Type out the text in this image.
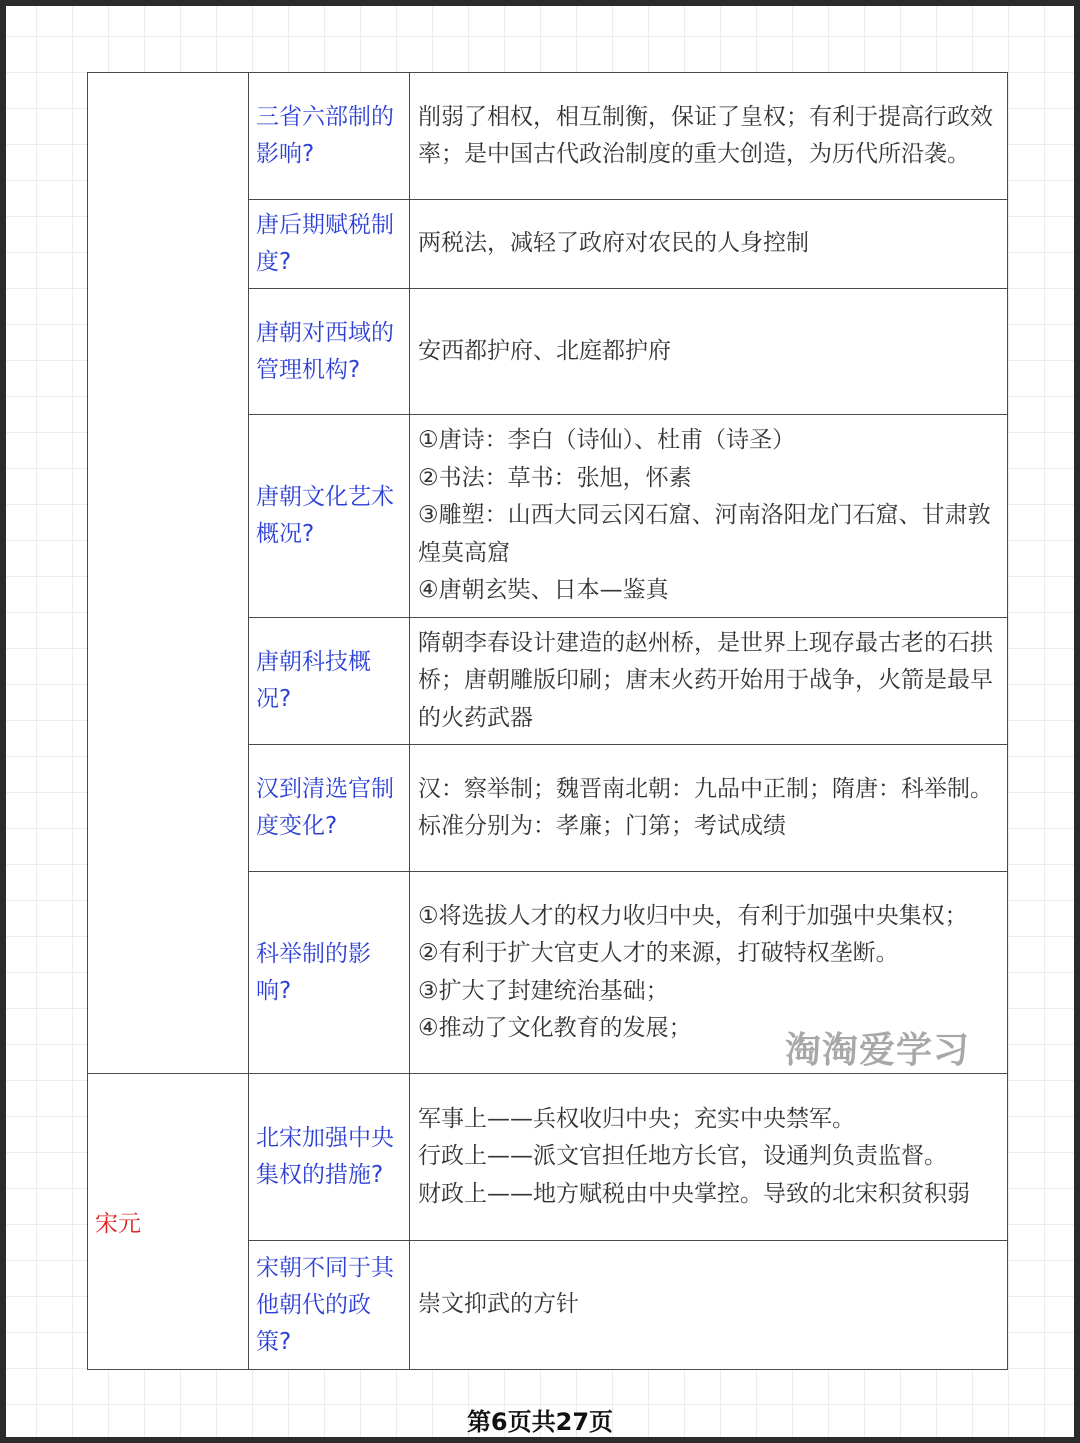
	三省六部制的影响?	削弱了相权，相互制衡，保证了皇权；有利于提高行政效率；是中国古代政治制度的重大创造，为历代所沿袭。

	唐后期赋税制度?	两税法，减轻了政府对农民的人身控制

	唐朝对西域的管理机构?	安西都护府、北庭都护府

	唐朝文化艺术概况?	①唐诗：李白（诗仙）、杜甫（诗圣）
②书法：草书：张旭，怀素
③雕塑：山西大同云冈石窟、河南洛阳龙门石窟、甘肃敦煌莫高窟
④唐朝玄奘、日本—鉴真

	唐朝科技概况?	隋朝李春设计建造的赵州桥，是世界上现存最古老的石拱桥；唐朝雕版印刷；唐末火药开始用于战争，火箭是最早的火药武器

	汉到清选官制度变化?	汉：察举制；魏晋南北朝：九品中正制；隋唐：科举制。
标准分别为：孝廉；门第；考试成绩

	科举制的影响?	①将选拔人才的权力收归中央，有利于加强中央集权；
②有利于扩大官吏人才的来源，打破特权垄断。
③扩大了封建统治基础；
④推动了文化教育的发展；

宋元	北宋加强中央集权的措施?	军事上——兵权收归中央；充实中央禁军。
行政上——派文官担任地方长官，设通判负责监督。
财政上——地方赋税由中央掌控。导致的北宋积贫积弱

	宋朝不同于其他朝代的政策?	崇文抑武的方针
淘淘爱学习
第6页共27页
